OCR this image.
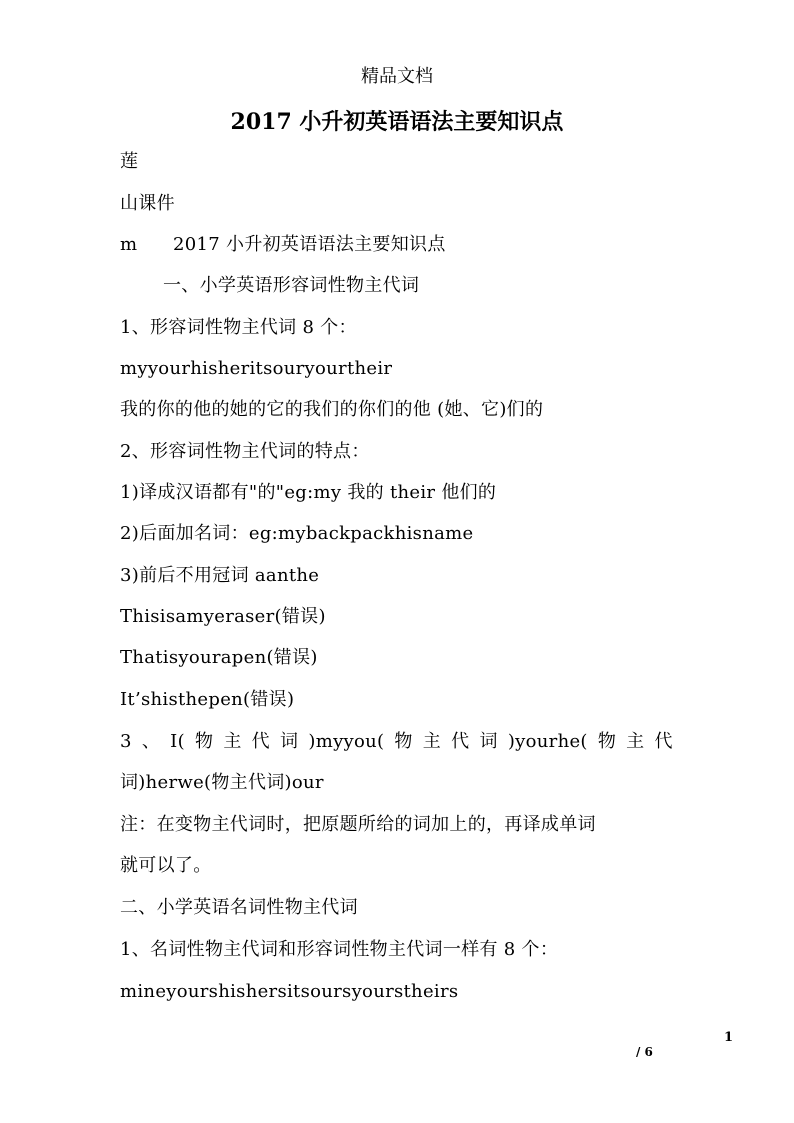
精品文档
2017 小升初英语语法主要知识点
莲
山课件
m 2017 小升初英语语法主要知识点
一、小学英语形容词性物主代词
1、形容词性物主代词 8 个：
myyourhisheritsouryourtheir
我的你的他的她的它的我们的你们的他 (她、它)们的
2、形容词性物主代词的特点：
1)译成汉语都有"的"eg:my 我的 their 他们的
2)后面加名词：eg:mybackpackhisname
3)前后不用冠词 aanthe
Thisisamyeraser(错误)
Thatisyourapen(错误)
It’shisthepen(错误)
3 、 I( 物 主 代 词 )myyou( 物 主 代 词 )yourhe( 物 主 代
词)herwe(物主代词)our
注：在变物主代词时，把原题所给的词加上的，再译成单词
就可以了。
二、小学英语名词性物主代词
1、名词性物主代词和形容词性物主代词一样有 8 个：
mineyourshishersitsoursyourstheirs
1
/ 6
